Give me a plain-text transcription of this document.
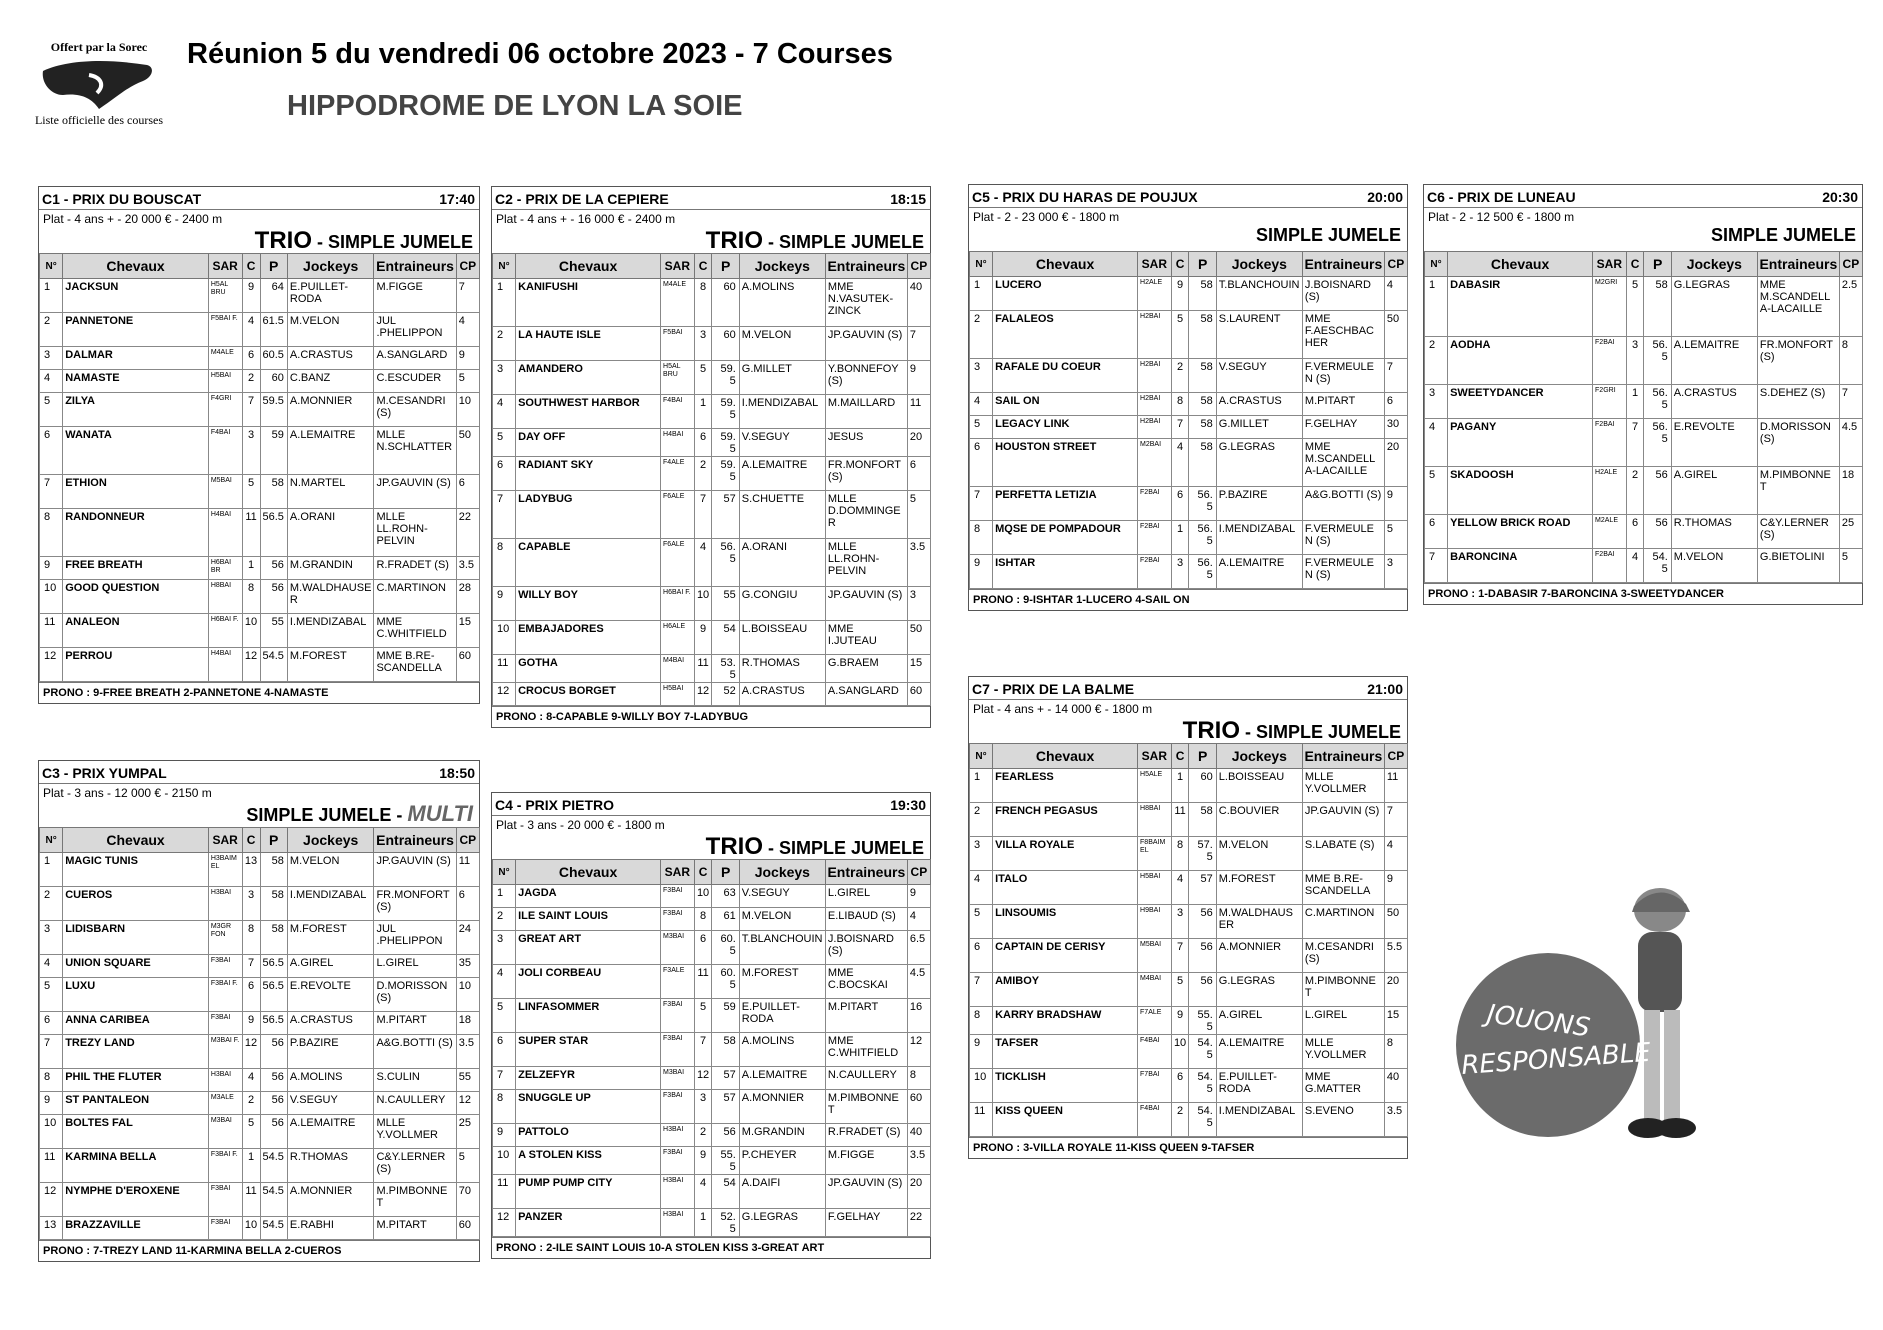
Offert par la Sorec
Liste officielle des courses
Réunion 5 du vendredi 06 octobre 2023 - 7 Courses
HIPPODROME DE LYON LA SOIE
C1 - PRIX DU BOUSCAT	17:40
Plat - 4 ans + - 20 000 € - 2400 m
TRIO - SIMPLE JUMELE
N°	Chevaux	SAR	C	P	Jockeys	Entraineurs	CP
1	JACKSUN	H5AL BRU	9	64	E.PUILLET-RODA	M.FIGGE	7
2	PANNETONE	F5BAI F.	4	61.5	M.VELON	JUL .PHELIPPON	4
3	DALMAR	M4ALE	6	60.5	A.CRASTUS	A.SANGLARD	9
4	NAMASTE	H5BAI	2	60	C.BANZ	C.ESCUDER	5
5	ZILYA	F4GRI	7	59.5	A.MONNIER	M.CESANDRI (S)	10
6	WANATA	F4BAI	3	59	A.LEMAITRE	MLLE N.SCHLATTER	50
7	ETHION	M5BAI	5	58	N.MARTEL	JP.GAUVIN (S)	6
8	RANDONNEUR	H4BAI	11	56.5	A.ORANI	MLLE LL.ROHN-PELVIN	22
9	FREE BREATH	H6BAI BR	1	56	M.GRANDIN	R.FRADET (S)	3.5
10	GOOD QUESTION	H8BAI	8	56	M.WALDHAUSER	C.MARTINON	28
11	ANALEON	H6BAI F.	10	55	I.MENDIZABAL	MME C.WHITFIELD	15
12	PERROU	H4BAI	12	54.5	M.FOREST	MME B.RE-SCANDELLA	60
PRONO : 9-FREE BREATH 2-PANNETONE 4-NAMASTE
C2 - PRIX DE LA CEPIERE	18:15
Plat - 4 ans + - 16 000 € - 2400 m
TRIO - SIMPLE JUMELE
N°	Chevaux	SAR	C	P	Jockeys	Entraineurs	CP
1	KANIFUSHI	M4ALE	8	60	A.MOLINS	MME N.VASUTEK-ZINCK	40
2	LA HAUTE ISLE	F5BAI	3	60	M.VELON	JP.GAUVIN (S)	7
3	AMANDERO	H5AL BRU	5	59.5	G.MILLET	Y.BONNEFOY (S)	9
4	SOUTHWEST HARBOR	F4BAI	1	59.5	I.MENDIZABAL	M.MAILLARD	11
5	DAY OFF	H4BAI	6	59.5	V.SEGUY	JESUS	20
6	RADIANT SKY	F4ALE	2	59.5	A.LEMAITRE	FR.MONFORT (S)	6
7	LADYBUG	F6ALE	7	57	S.CHUETTE	MLLE D.DOMMINGER	5
8	CAPABLE	F6ALE	4	56.5	A.ORANI	MLLE LL.ROHN-PELVIN	3.5
9	WILLY BOY	H6BAI F.	10	55	G.CONGIU	JP.GAUVIN (S)	3
10	EMBAJADORES	H6ALE	9	54	L.BOISSEAU	MME I.JUTEAU	50
11	GOTHA	M4BAI	11	53.5	R.THOMAS	G.BRAEM	15
12	CROCUS BORGET	H5BAI	12	52	A.CRASTUS	A.SANGLARD	60
PRONO : 8-CAPABLE 9-WILLY BOY 7-LADYBUG
C3 - PRIX YUMPAL	18:50
Plat - 3 ans - 12 000 € - 2150 m
SIMPLE JUMELE - MULTI
N°	Chevaux	SAR	C	P	Jockeys	Entraineurs	CP
1	MAGIC TUNIS	H3BAIM EL	13	58	M.VELON	JP.GAUVIN (S)	11
2	CUEROS	H3BAI	3	58	I.MENDIZABAL	FR.MONFORT (S)	6
3	LIDISBARN	M3GR FON	8	58	M.FOREST	JUL .PHELIPPON	24
4	UNION SQUARE	F3BAI	7	56.5	A.GIREL	L.GIREL	35
5	LUXU	F3BAI F.	6	56.5	E.REVOLTE	D.MORISSON (S)	10
6	ANNA CARIBEA	F3BAI	9	56.5	A.CRASTUS	M.PITART	18
7	TREZY LAND	M3BAI F.	12	56	P.BAZIRE	A&G.BOTTI (S)	3.5
8	PHIL THE FLUTER	H3BAI	4	56	A.MOLINS	S.CULIN	55
9	ST PANTALEON	M3ALE	2	56	V.SEGUY	N.CAULLERY	12
10	BOLTES FAL	M3BAI	5	56	A.LEMAITRE	MLLE Y.VOLLMER	25
11	KARMINA BELLA	F3BAI F.	1	54.5	R.THOMAS	C&Y.LERNER (S)	5
12	NYMPHE D'EROXENE	F3BAI	11	54.5	A.MONNIER	M.PIMBONNET	70
13	BRAZZAVILLE	F3BAI	10	54.5	E.RABHI	M.PITART	60
PRONO : 7-TREZY LAND 11-KARMINA BELLA 2-CUEROS
C4 - PRIX PIETRO	19:30
Plat - 3 ans - 20 000 € - 1800 m
TRIO - SIMPLE JUMELE
N°	Chevaux	SAR	C	P	Jockeys	Entraineurs	CP
1	JAGDA	F3BAI	10	63	V.SEGUY	L.GIREL	9
2	ILE SAINT LOUIS	F3BAI	8	61	M.VELON	E.LIBAUD (S)	4
3	GREAT ART	M3BAI	6	60.5	T.BLANCHOUIN	J.BOISNARD (S)	6.5
4	JOLI CORBEAU	F3ALE	11	60.5	M.FOREST	MME C.BOCSKAI	4.5
5	LINFASOMMER	F3BAI	5	59	E.PUILLET-RODA	M.PITART	16
6	SUPER STAR	F3BAI	7	58	A.MOLINS	MME C.WHITFIELD	12
7	ZELZEFYR	M3BAI	12	57	A.LEMAITRE	N.CAULLERY	8
8	SNUGGLE UP	F3BAI	3	57	A.MONNIER	M.PIMBONNET	60
9	PATTOLO	H3BAI	2	56	M.GRANDIN	R.FRADET (S)	40
10	A STOLEN KISS	F3BAI	9	55.5	P.CHEYER	M.FIGGE	3.5
11	PUMP PUMP CITY	H3BAI	4	54	A.DAIFI	JP.GAUVIN (S)	20
12	PANZER	H3BAI	1	52.5	G.LEGRAS	F.GELHAY	22
PRONO : 2-ILE SAINT LOUIS 10-A STOLEN KISS 3-GREAT ART
C5 - PRIX DU HARAS DE POUJUX	20:00
Plat - 2 - 23 000 € - 1800 m
SIMPLE JUMELE
N°	Chevaux	SAR	C	P	Jockeys	Entraineurs	CP
1	LUCERO	H2ALE	9	58	T.BLANCHOUIN	J.BOISNARD (S)	4
2	FALALEOS	H2BAI	5	58	S.LAURENT	MME F.AESCHBACHER	50
3	RAFALE DU COEUR	H2BAI	2	58	V.SEGUY	F.VERMEULEN (S)	7
4	SAIL ON	H2BAI	8	58	A.CRASTUS	M.PITART	6
5	LEGACY LINK	H2BAI	7	58	G.MILLET	F.GELHAY	30
6	HOUSTON STREET	M2BAI	4	58	G.LEGRAS	MME M.SCANDELLA-LACAILLE	20
7	PERFETTA LETIZIA	F2BAI	6	56.5	P.BAZIRE	A&G.BOTTI (S)	9
8	MQSE DE POMPADOUR	F2BAI	1	56.5	I.MENDIZABAL	F.VERMEULEN (S)	5
9	ISHTAR	F2BAI	3	56.5	A.LEMAITRE	F.VERMEULEN (S)	3
PRONO : 9-ISHTAR 1-LUCERO 4-SAIL ON
C6 - PRIX DE LUNEAU	20:30
Plat - 2 - 12 500 € - 1800 m
SIMPLE JUMELE
N°	Chevaux	SAR	C	P	Jockeys	Entraineurs	CP
1	DABASIR	M2GRI	5	58	G.LEGRAS	MME M.SCANDELLA-LACAILLE	2.5
2	AODHA	F2BAI	3	56.5	A.LEMAITRE	FR.MONFORT (S)	8
3	SWEETYDANCER	F2GRI	1	56.5	A.CRASTUS	S.DEHEZ (S)	7
4	PAGANY	F2BAI	7	56.5	E.REVOLTE	D.MORISSON (S)	4.5
5	SKADOOSH	H2ALE	2	56	A.GIREL	M.PIMBONNET	18
6	YELLOW BRICK ROAD	M2ALE	6	56	R.THOMAS	C&Y.LERNER (S)	25
7	BARONCINA	F2BAI	4	54.5	M.VELON	G.BIETOLINI	5
PRONO : 1-DABASIR 7-BARONCINA 3-SWEETYDANCER
C7 - PRIX DE LA BALME	21:00
Plat - 4 ans + - 14 000 € - 1800 m
TRIO - SIMPLE JUMELE
N°	Chevaux	SAR	C	P	Jockeys	Entraineurs	CP
1	FEARLESS	H5ALE	1	60	L.BOISSEAU	MLLE Y.VOLLMER	11
2	FRENCH PEGASUS	H8BAI	11	58	C.BOUVIER	JP.GAUVIN (S)	7
3	VILLA ROYALE	F8BAIM EL	8	57.5	M.VELON	S.LABATE (S)	4
4	ITALO	H5BAI	4	57	M.FOREST	MME B.RE-SCANDELLA	9
5	LINSOUMIS	H9BAI	3	56	M.WALDHAUSER	C.MARTINON	50
6	CAPTAIN DE CERISY	M5BAI	7	56	A.MONNIER	M.CESANDRI (S)	5.5
7	AMIBOY	M4BAI	5	56	G.LEGRAS	M.PIMBONNET	20
8	KARRY BRADSHAW	F7ALE	9	55.5	A.GIREL	L.GIREL	15
9	TAFSER	F4BAI	10	54.5	A.LEMAITRE	MLLE Y.VOLLMER	8
10	TICKLISH	F7BAI	6	54.5	E.PUILLET-RODA	MME G.MATTER	40
11	KISS QUEEN	F4BAI	2	54.5	I.MENDIZABAL	S.EVENO	3.5
PRONO : 3-VILLA ROYALE 11-KISS QUEEN 9-TAFSER
JOUONS
RESPONSABLE
